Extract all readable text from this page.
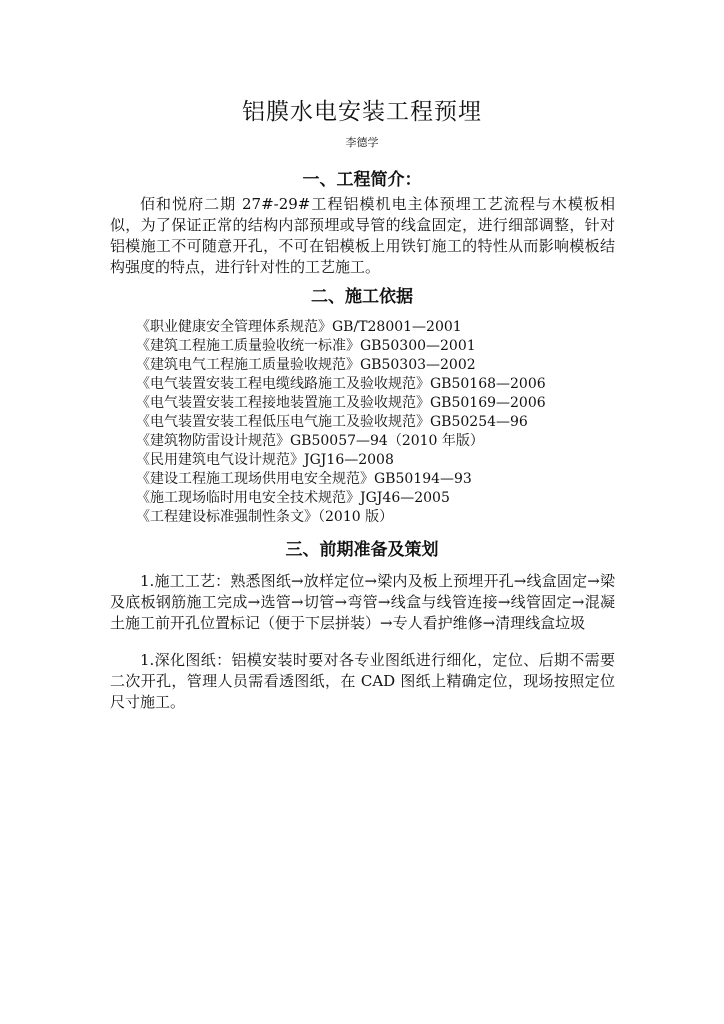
铝膜水电安装工程预埋
李德学
一、工程简介：

佰和悦府二期 27#-29#工程铝模机电主体预埋工艺流程与木模板相似，为了保证正常的结构内部预埋或导管的线盒固定，进行细部调整，针对铝模施工不可随意开孔，不可在铝模板上用铁钉施工的特性从而影响模板结构强度的特点，进行针对性的工艺施工。

二、施工依据
《职业健康安全管理体系规范》GB/T28001—2001
《建筑工程施工质量验收统一标准》GB50300—2001
《建筑电气工程施工质量验收规范》GB50303—2002
《电气装置安装工程电缆线路施工及验收规范》GB50168—2006
《电气装置安装工程接地装置施工及验收规范》GB50169—2006
《电气装置安装工程低压电气施工及验收规范》GB50254—96
《建筑物防雷设计规范》GB50057—94（2010 年版）
《民用建筑电气设计规范》JGJ16—2008
《建设工程施工现场供用电安全规范》GB50194—93
《施工现场临时用电安全技术规范》JGJ46—2005
《工程建设标准强制性条文》（2010 版）
三、前期准备及策划

1.施工工艺：熟悉图纸→放样定位→梁内及板上预埋开孔→线盒固定→梁及底板钢筋施工完成→选管→切管→弯管→线盒与线管连接→线管固定→混凝土施工前开孔位置标记（便于下层拼装）→专人看护维修→清理线盒垃圾

1.深化图纸：铝模安装时要对各专业图纸进行细化，定位、后期不需要二次开孔，管理人员需看透图纸，在 CAD 图纸上精确定位，现场按照定位尺寸施工。
